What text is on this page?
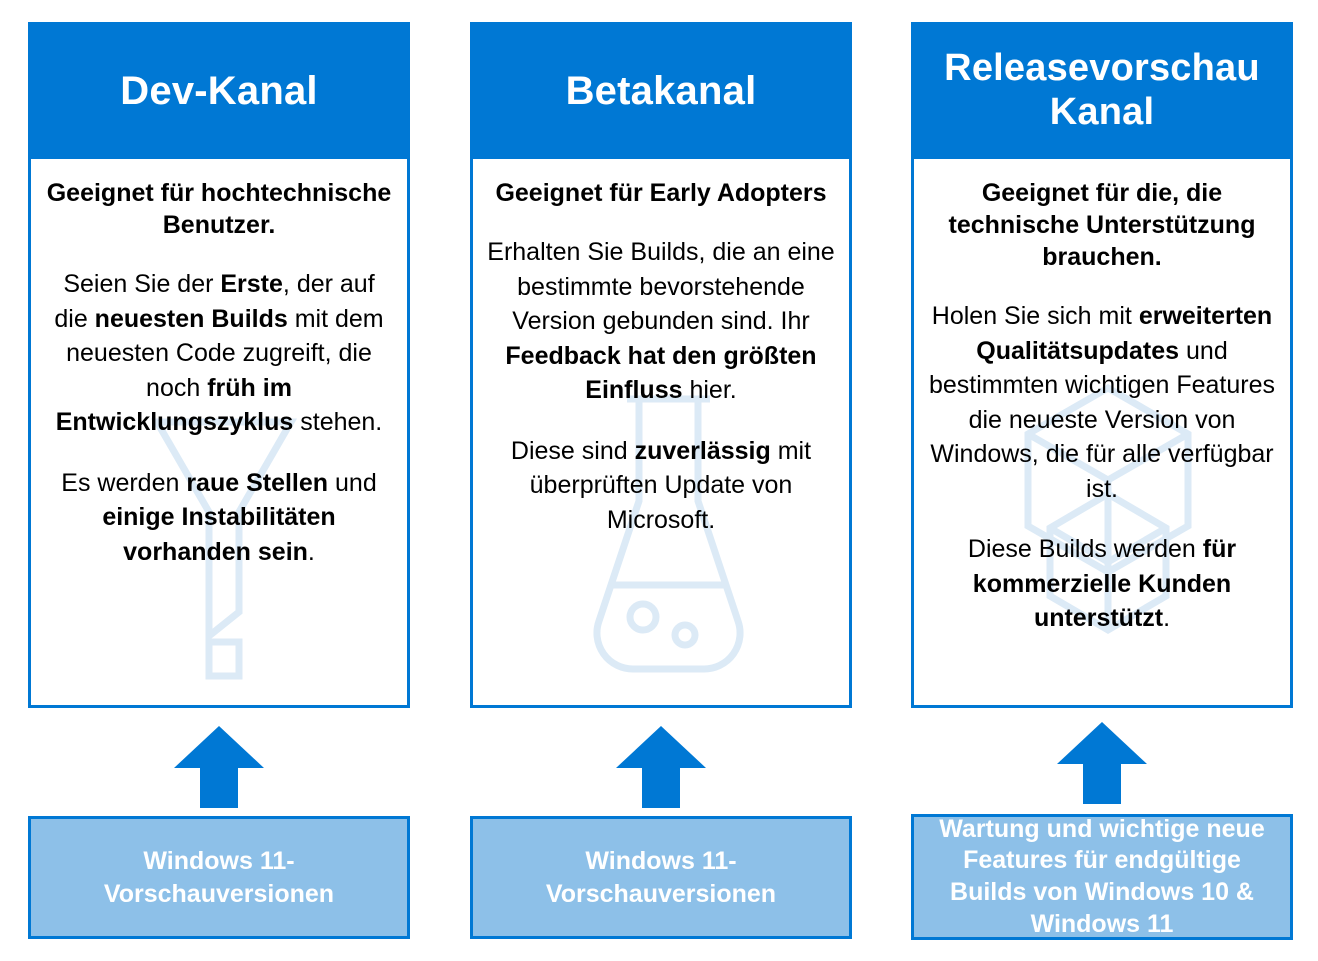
Dev-Kanal
Geeignet für hochtechnische Benutzer.
Seien Sie der Erste, der auf die neuesten Builds mit dem neuesten Code zugreift, die noch früh im Entwicklungszyklus stehen.
Es werden raue Stellen und einige Instabilitäten vorhanden sein.
Windows 11-Vorschauversionen
Betakanal
Geeignet für Early Adopters
Erhalten Sie Builds, die an eine bestimmte bevorstehende Version gebunden sind. Ihr Feedback hat den größten Einfluss hier.
Diese sind zuverlässig mit überprüften Update von Microsoft.
Windows 11-Vorschauversionen
Releasevorschau Kanal
Geeignet für die, die technische Unterstützung brauchen.
Holen Sie sich mit erweiterten Qualitätsupdates und bestimmten wichtigen Features die neueste Version von Windows, die für alle verfügbar ist.
Diese Builds werden für kommerzielle Kunden unterstützt.
Wartung und wichtige neue Features für endgültige Builds von Windows 10 & Windows 11
